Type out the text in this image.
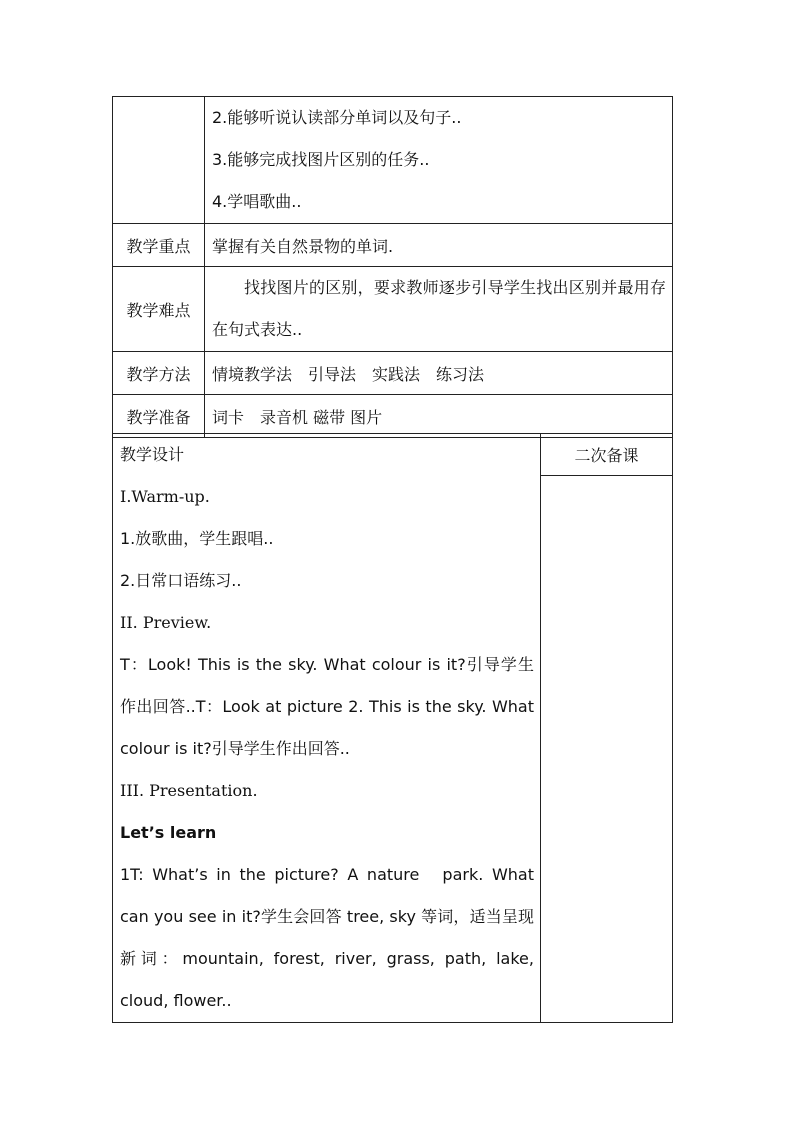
	2.能够听说认读部分单词以及句子..
3.能够完成找图片区别的任务..
4.学唱歌曲..

教学重点	掌握有关自然景物的单词.
教学难点	找找图片的区别，要求教师逐步引导学生找出区别并最用存在句式表达..

教学方法	情境教学法　引导法　实践法　练习法
教学准备	词卡　录音机 磁带 图片
教学设计
I.Warm-up.
1.放歌曲，学生跟唱..
2.日常口语练习..
II. Preview.
T：Look! This is the sky. What colour is it?引导学生作出回答..T：Look at picture 2. This is the sky. What colour is it?引导学生作出回答..
III. Presentation.
Let’s learn
1T: What’s in the picture? A nature　park. What can you see in it?学生会回答 tree, sky 等词，适当呈现新词：mountain, forest, river, grass, path, lake, cloud, flower..
	二次备课
